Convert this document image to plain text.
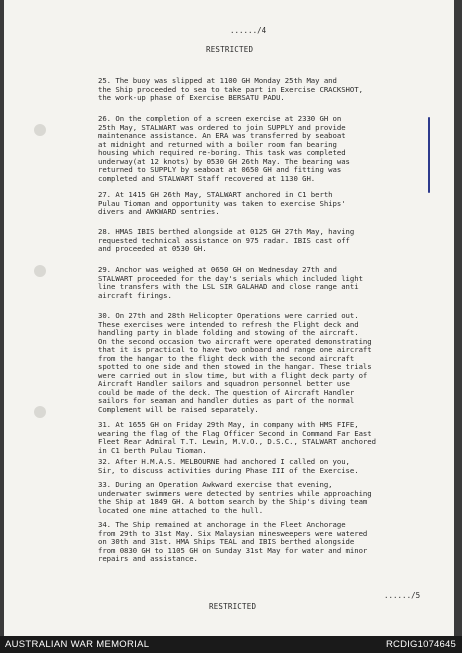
....../4
RESTRICTED
25. The buoy was slipped at 1100 GH Monday 25th May and
the Ship proceeded to sea to take part in Exercise CRACKSHOT,
the work-up phase of Exercise BERSATU PADU.
26. On the completion of a screen exercise at 2330 GH on
25th May, STALWART was ordered to join SUPPLY and provide
maintenance assistance. An ERA was transferred by seaboat
at midnight and returned with a boiler room fan bearing
housing which required re-boring. This task was completed
underway(at 12 knots) by 0530 GH 26th May. The bearing was
returned to SUPPLY by seaboat at 0650 GH and fitting was
completed and STALWART Staff recovered at 1130 GH.
27. At 1415 GH 26th May, STALWART anchored in C1 berth
Pulau Tioman and opportunity was taken to exercise Ships'
divers and AWKWARD sentries.
28. HMAS IBIS berthed alongside at 0125 GH 27th May, having
requested technical assistance on 975 radar. IBIS cast off
and proceeded at 0530 GH.
29. Anchor was weighed at 0650 GH on Wednesday 27th and
STALWART proceeded for the day's serials which included light
line transfers with the LSL SIR GALAHAD and close range anti
aircraft firings.
30. On 27th and 28th Helicopter Operations were carried out.
These exercises were intended to refresh the Flight deck and
handling party in blade folding and stowing of the aircraft.
On the second occasion two aircraft were operated demonstrating
that it is practical to have two onboard and range one aircraft
from the hangar to the flight deck with the second aircraft
spotted to one side and then stowed in the hangar. These trials
were carried out in slow time, but with a flight deck party of
Aircraft Handler sailors and squadron personnel better use
could be made of the deck. The question of Aircraft Handler
sailors for seaman and handler duties as part of the normal
Complement will be raised separately.
31. At 1655 GH on Friday 29th May, in company with HMS FIFE,
wearing the flag of the Flag Officer Second in Command Far East
Fleet Rear Admiral T.T. Lewin, M.V.O., D.S.C., STALWART anchored
in C1 berth Pulau Tioman.
32. After H.M.A.S. MELBOURNE had anchored I called on you,
Sir, to discuss activities during Phase III of the Exercise.
33. During an Operation Awkward exercise that evening,
underwater swimmers were detected by sentries while approaching
the Ship at 1849 GH. A bottom search by the Ship's diving team
located one mine attached to the hull.
34. The Ship remained at anchorage in the Fleet Anchorage
from 29th to 31st May. Six Malaysian minesweepers were watered
on 30th and 31st. HMA Ships TEAL and IBIS berthed alongside
from 0830 GH to 1105 GH on Sunday 31st May for water and minor
repairs and assistance.
....../5
RESTRICTED
AUSTRALIAN WAR MEMORIAL	RCDIG1074645
